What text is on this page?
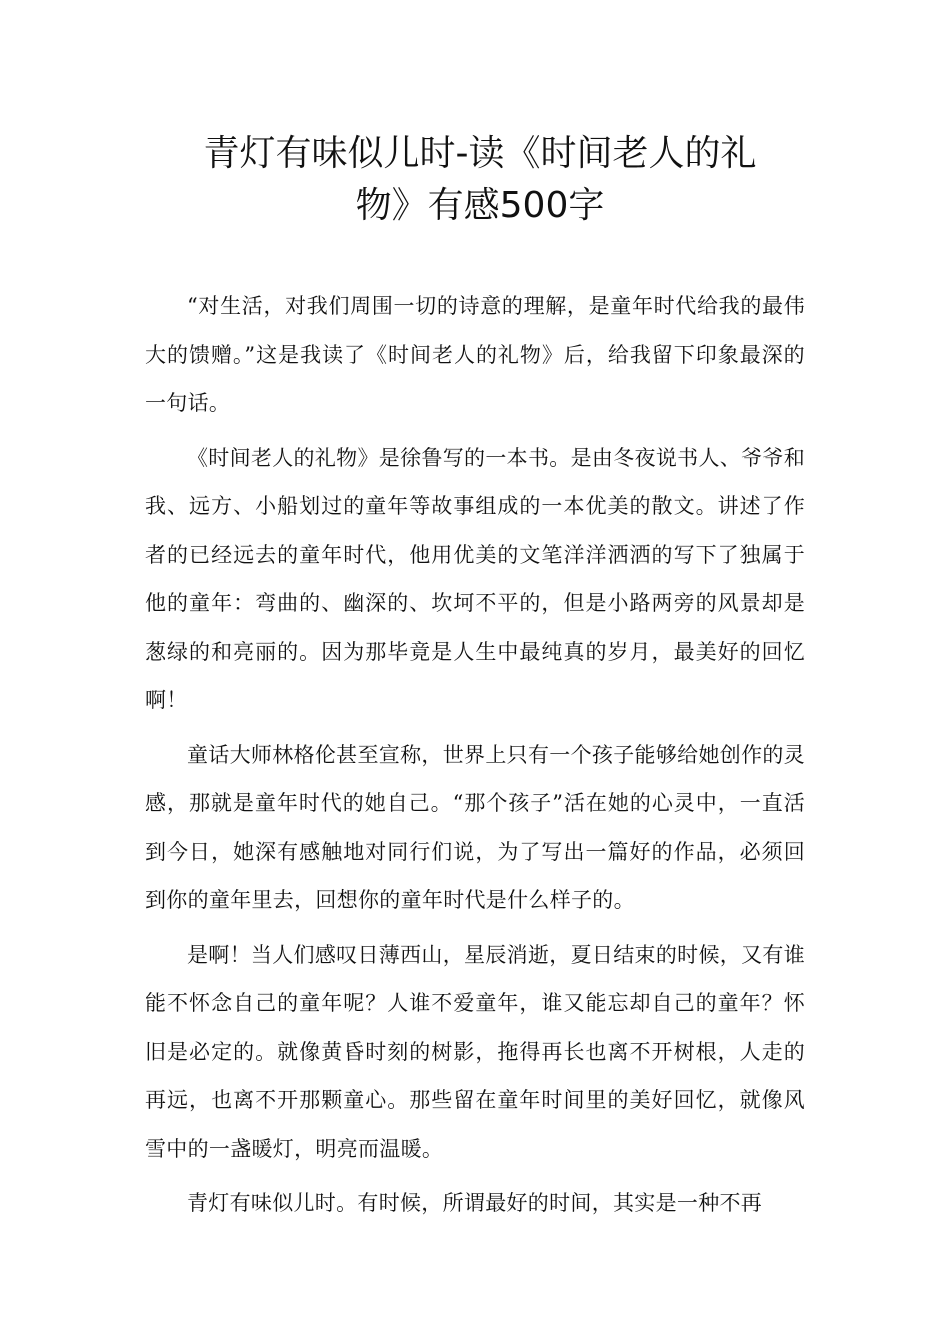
青灯有味似儿时-读《时间老人的礼
物》有感500字

“对生活，对我们周围一切的诗意的理解，是童年时代给我的最伟大的馈赠。”这是我读了《时间老人的礼物》后，给我留下印象最深的一句话。

《时间老人的礼物》是徐鲁写的一本书。是由冬夜说书人、爷爷和我、远方、小船划过的童年等故事组成的一本优美的散文。讲述了作者的已经远去的童年时代，他用优美的文笔洋洋洒洒的写下了独属于他的童年：弯曲的、幽深的、坎坷不平的，但是小路两旁的风景却是葱绿的和亮丽的。因为那毕竟是人生中最纯真的岁月，最美好的回忆啊！

童话大师林格伦甚至宣称，世界上只有一个孩子能够给她创作的灵感，那就是童年时代的她自己。“那个孩子”活在她的心灵中，一直活到今日，她深有感触地对同行们说，为了写出一篇好的作品，必须回到你的童年里去，回想你的童年时代是什么样子的。

是啊！当人们感叹日薄西山，星辰消逝，夏日结束的时候，又有谁能不怀念自己的童年呢？人谁不爱童年，谁又能忘却自己的童年？怀旧是必定的。就像黄昏时刻的树影，拖得再长也离不开树根，人走的再远，也离不开那颗童心。那些留在童年时间里的美好回忆，就像风雪中的一盏暖灯，明亮而温暖。

青灯有味似儿时。有时候，所谓最好的时间，其实是一种不再
